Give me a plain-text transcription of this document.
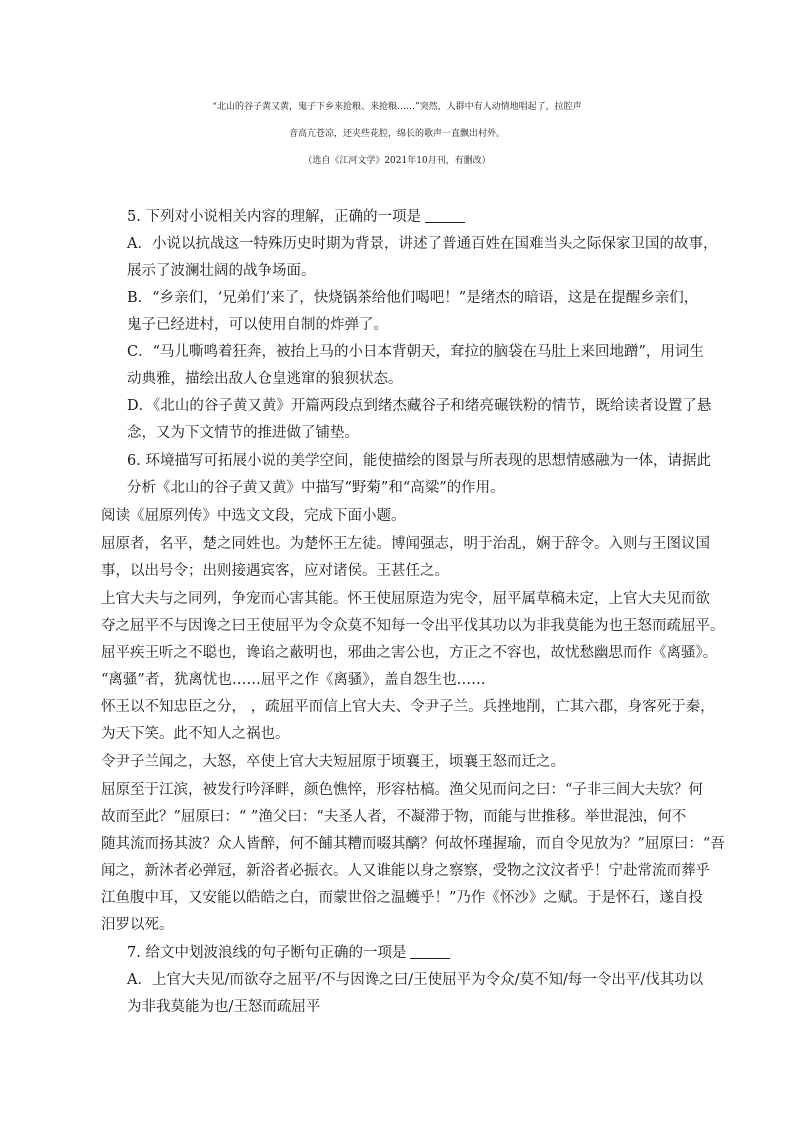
“北山的谷子黄又黄，鬼子下乡来抢粮、来抢粮……”突然，人群中有人动情地唱起了，拉腔声
音高亢苍凉，还夹些花腔，绵长的歌声一直飘出村外。
（选自《江河文学》2021年10月刊，有删改）
5. 下列对小说相关内容的理解，正确的一项是
A．小说以抗战这一特殊历史时期为背景，讲述了普通百姓在国难当头之际保家卫国的故事，
展示了波澜壮阔的战争场面。
B．“乡亲们，‘兄弟们’来了，快烧锅茶给他们喝吧！”是绪杰的暗语，这是在提醒乡亲们，
鬼子已经进村，可以使用自制的炸弹了。
C．“马儿嘶鸣着狂奔，被抬上马的小日本背朝天，耷拉的脑袋在马肚上来回地蹭”，用词生
动典雅，描绘出敌人仓皇逃窜的狼狈状态。
D．《北山的谷子黄又黄》开篇两段点到绪杰藏谷子和绪亮碾铁粉的情节，既给读者设置了悬
念，又为下文情节的推进做了铺垫。
6. 环境描写可拓展小说的美学空间，能使描绘的图景与所表现的思想情感融为一体，请据此
分析《北山的谷子黄又黄》中描写“野菊”和“高粱”的作用。
阅读《屈原列传》中选文文段，完成下面小题。
屈原者，名平，楚之同姓也。为楚怀王左徒。博闻强志，明于治乱，娴于辞令。入则与王图议国
事，以出号令；出则接遇宾客，应对诸侯。王甚任之。
上官大夫与之同列，争宠而心害其能。怀王使屈原造为宪令，屈平属草稿未定，上官大夫见而欲
夺之屈平不与因谗之曰王使屈平为令众莫不知每一令出平伐其功以为非我莫能为也王怒而疏屈平。
屈平疾王听之不聪也，谗谄之蔽明也，邪曲之害公也，方正之不容也，故忧愁幽思而作《离骚》。
“离骚”者，犹离忧也……屈平之作《离骚》，盖自怨生也……
怀王以不知忠臣之分， ，疏屈平而信上官大夫、令尹子兰。兵挫地削，亡其六郡，身客死于秦，
为天下笑。此不知人之祸也。
令尹子兰闻之，大怒，卒使上官大夫短屈原于顷襄王，顷襄王怒而迁之。
屈原至于江滨，被发行吟泽畔，颜色憔悴，形容枯槁。渔父见而问之曰：“子非三闾大夫欤？何
故而至此？”屈原曰：“ ”渔父曰：“夫圣人者，不凝滞于物，而能与世推移。举世混浊，何不
随其流而扬其波？众人皆醉，何不餔其糟而啜其醨？何故怀瑾握瑜，而自令见放为？”屈原曰：“吾
闻之，新沐者必弹冠，新浴者必振衣。人又谁能以身之察察，受物之汶汶者乎！宁赴常流而葬乎
江鱼腹中耳，又安能以皓皓之白，而蒙世俗之温蠖乎！”乃作《怀沙》之赋。于是怀石，遂自投
汨罗以死。
7. 给文中划波浪线的句子断句正确的一项是
A．上官大夫见/而欲夺之屈平/不与因谗之曰/王使屈平为令众/莫不知/每一令出平/伐其功以
为非我莫能为也/王怒而疏屈平
